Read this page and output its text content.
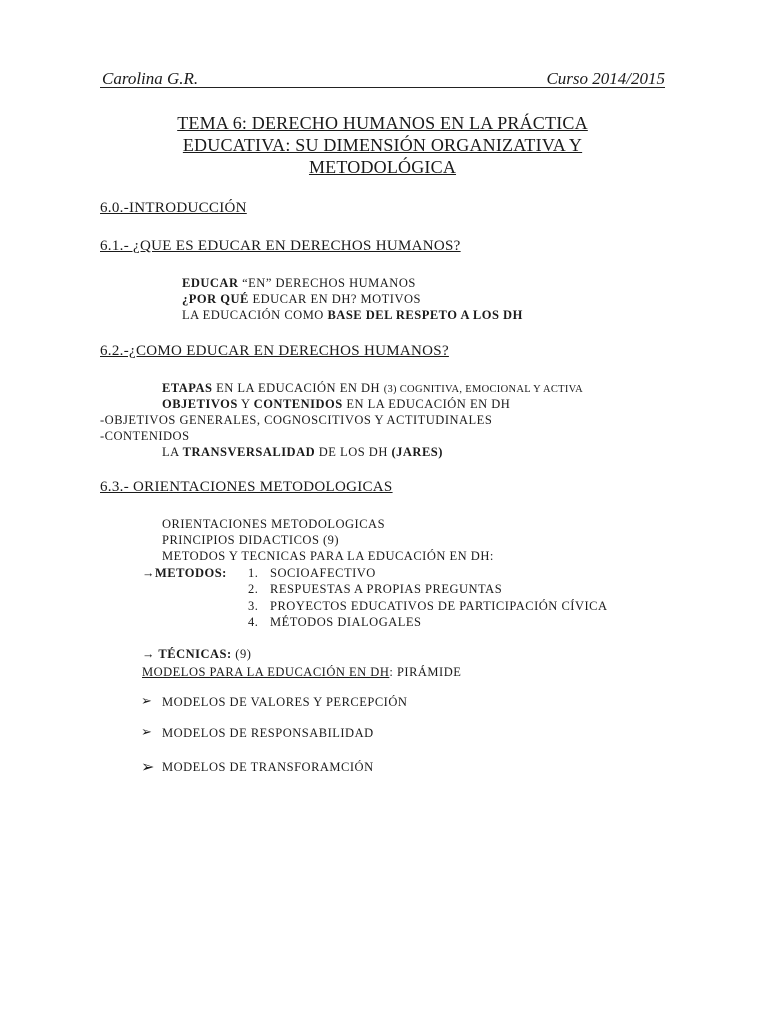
Carolina G.R.	Curso 2014/2015
TEMA 6: DERECHO HUMANOS EN LA PRÁCTICA
EDUCATIVA: SU DIMENSIÓN ORGANIZATIVA Y
METODOLÓGICA
6.0.-INTRODUCCIÓN
6.1.- ¿QUE ES EDUCAR EN DERECHOS HUMANOS?
EDUCAR “EN” DERECHOS HUMANOS
¿POR QUÉ EDUCAR EN DH? MOTIVOS
LA EDUCACIÓN COMO BASE DEL RESPETO A LOS DH
6.2.-¿COMO EDUCAR EN DERECHOS HUMANOS?
ETAPAS EN LA EDUCACIÓN EN DH (3) COGNITIVA, EMOCIONAL Y ACTIVA
OBJETIVOS Y CONTENIDOS EN LA EDUCACIÓN EN DH
-OBJETIVOS GENERALES, COGNOSCITIVOS Y ACTITUDINALES
-CONTENIDOS
LA TRANSVERSALIDAD DE LOS DH (JARES)
6.3.- ORIENTACIONES METODOLOGICAS
ORIENTACIONES METODOLOGICAS
PRINCIPIOS DIDACTICOS (9)
METODOS Y TECNICAS PARA LA EDUCACIÓN EN DH:
→METODOS: 1. SOCIOAFECTIVO
2. RESPUESTAS A PROPIAS PREGUNTAS
3. PROYECTOS EDUCATIVOS DE PARTICIPACIÓN CÍVICA
4. MÉTODOS DIALOGALES
→ TÉCNICAS: (9)
MODELOS PARA LA EDUCACIÓN EN DH: PIRÁMIDE
➢ MODELOS DE VALORES Y PERCEPCIÓN
➢ MODELOS DE RESPONSABILIDAD
➢ MODELOS DE TRANSFORAMCIÓN
